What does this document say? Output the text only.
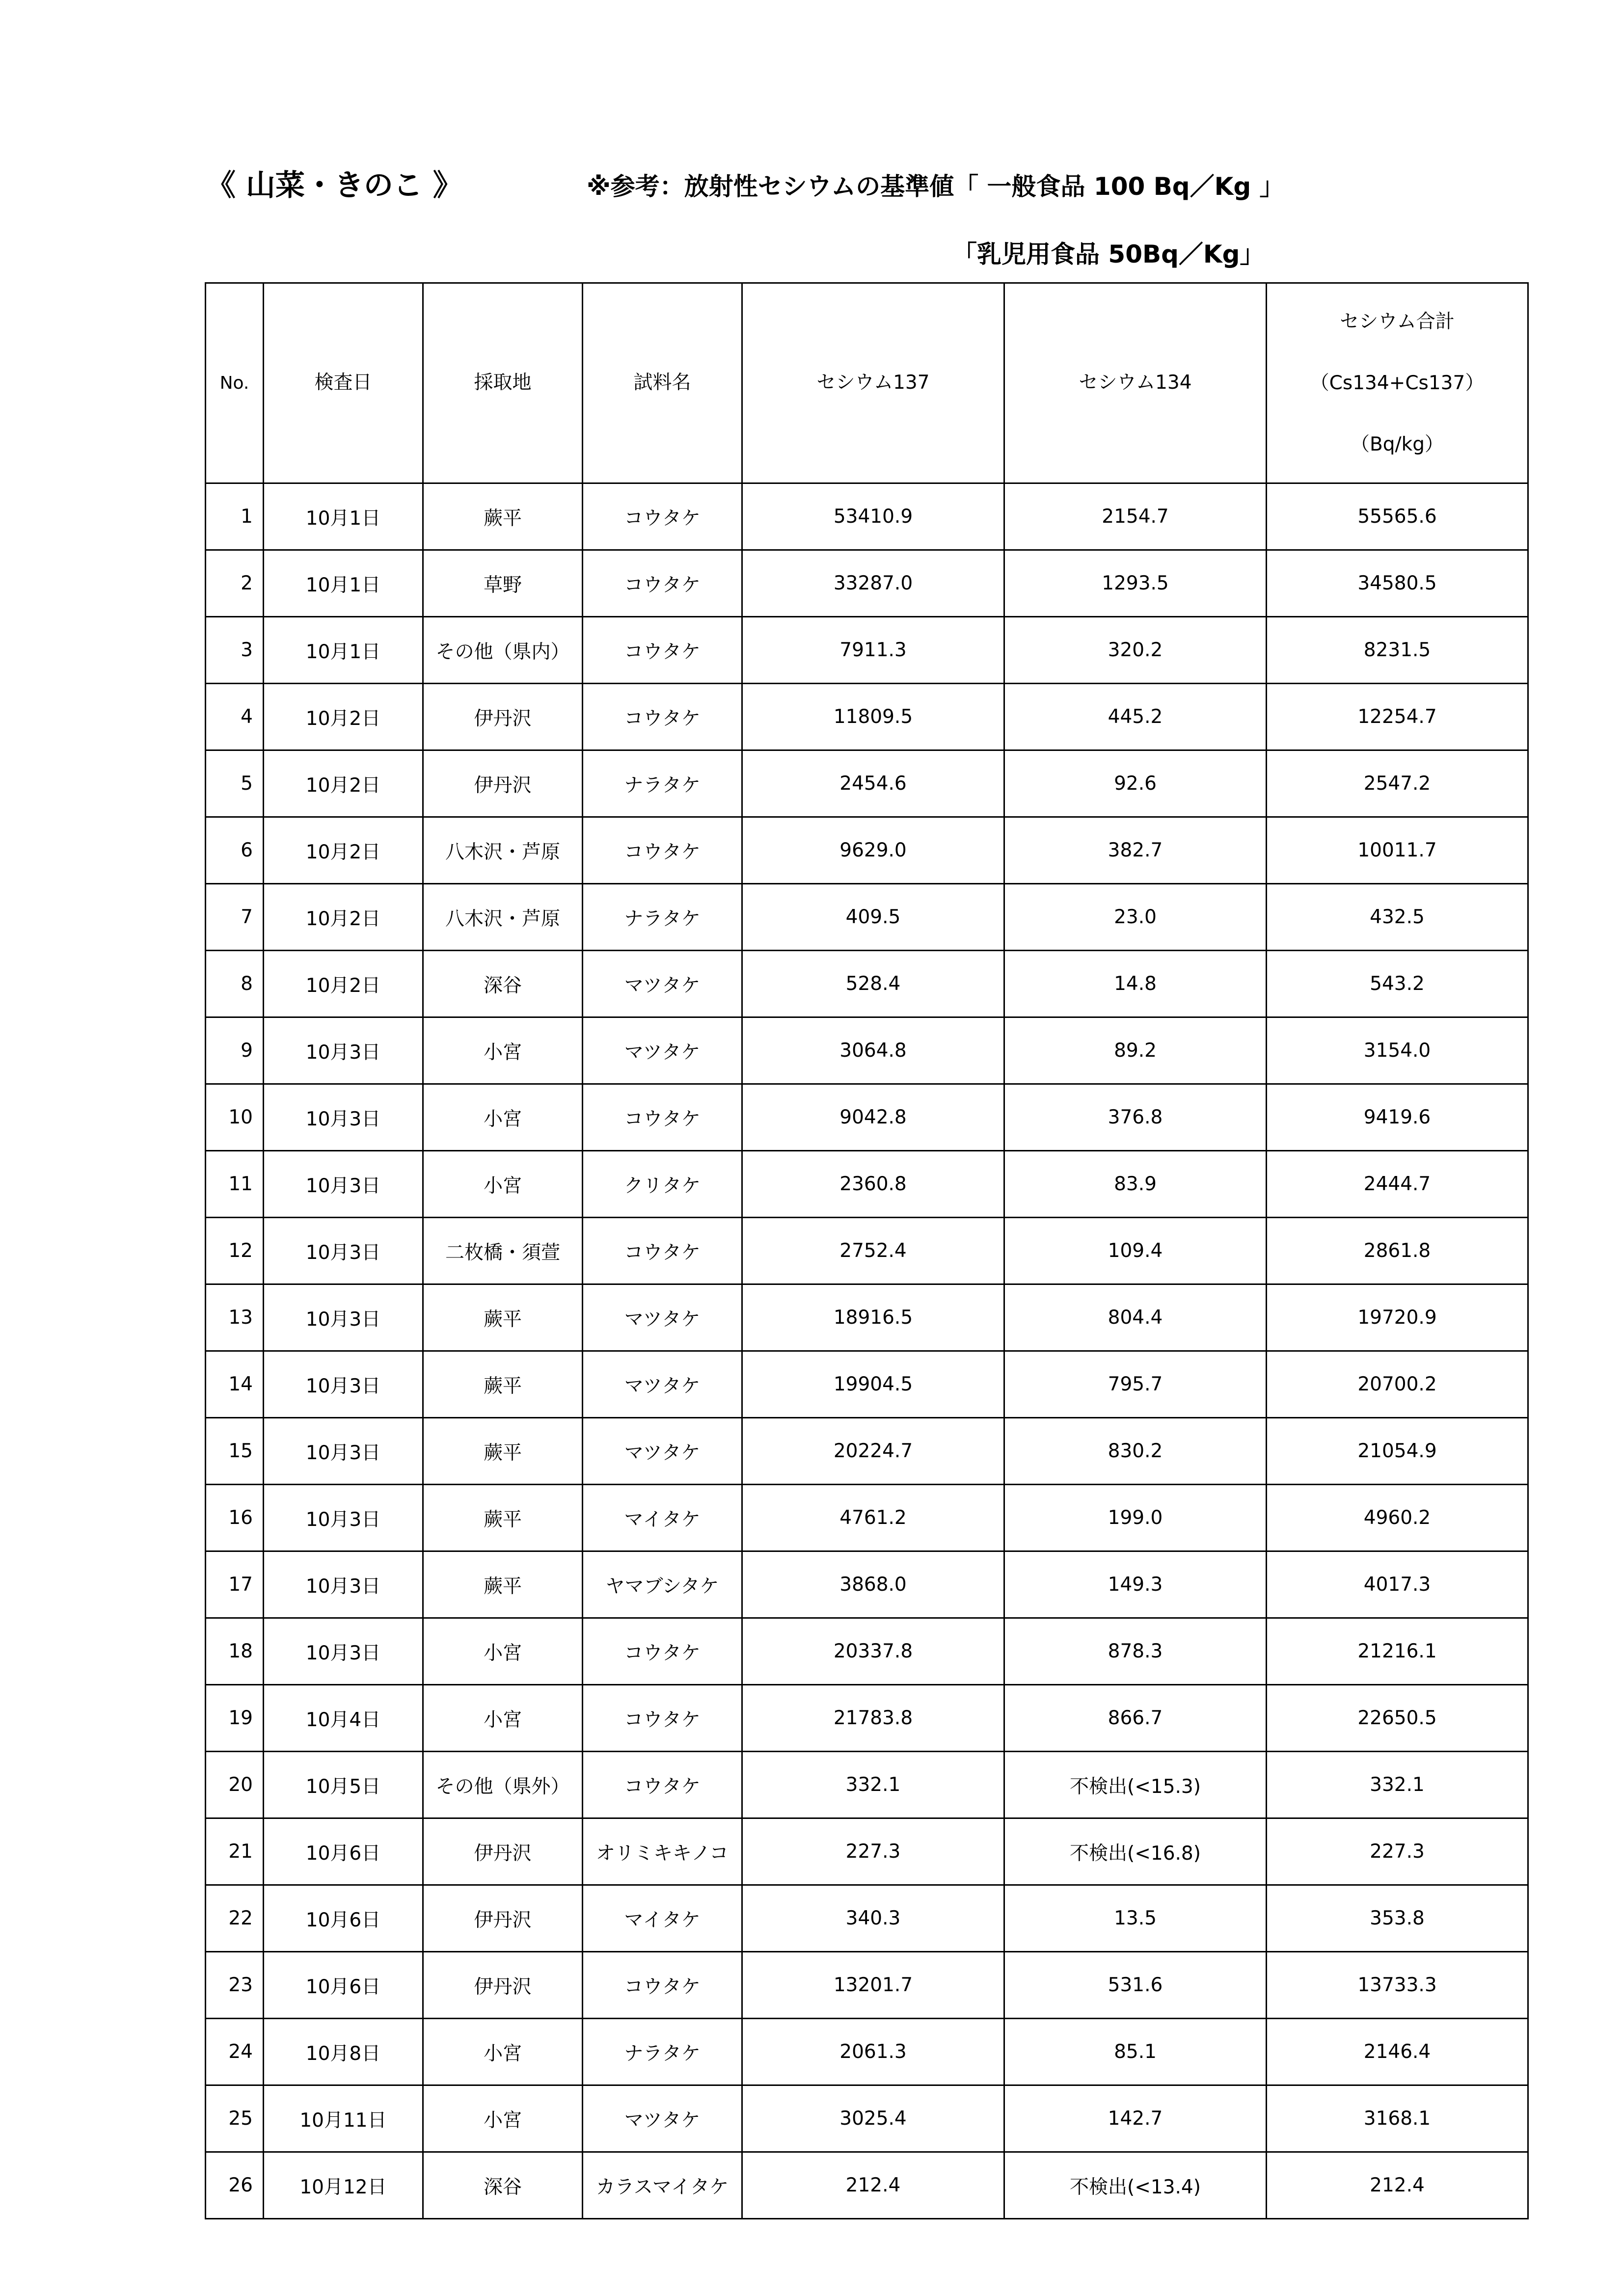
《 山菜・きのこ 》	※参考：放射性セシウムの基準値「 一般食品 100 Bq／Kg 」
「乳児用食品 50Bq／Kg」
No.	検査日	採取地	試料名	セシウム137	セシウム134	セシウム合計
（Cs134+Cs137）
（Bq/kg）

1	10月1日	蕨平	コウタケ	53410.9	2154.7	55565.6
2	10月1日	草野	コウタケ	33287.0	1293.5	34580.5
3	10月1日	その他（県内）	コウタケ	7911.3	320.2	8231.5
4	10月2日	伊丹沢	コウタケ	11809.5	445.2	12254.7
5	10月2日	伊丹沢	ナラタケ	2454.6	92.6	2547.2
6	10月2日	八木沢・芦原	コウタケ	9629.0	382.7	10011.7
7	10月2日	八木沢・芦原	ナラタケ	409.5	23.0	432.5
8	10月2日	深谷	マツタケ	528.4	14.8	543.2
9	10月3日	小宮	マツタケ	3064.8	89.2	3154.0
10	10月3日	小宮	コウタケ	9042.8	376.8	9419.6
11	10月3日	小宮	クリタケ	2360.8	83.9	2444.7
12	10月3日	二枚橋・須萱	コウタケ	2752.4	109.4	2861.8
13	10月3日	蕨平	マツタケ	18916.5	804.4	19720.9
14	10月3日	蕨平	マツタケ	19904.5	795.7	20700.2
15	10月3日	蕨平	マツタケ	20224.7	830.2	21054.9
16	10月3日	蕨平	マイタケ	4761.2	199.0	4960.2
17	10月3日	蕨平	ヤマブシタケ	3868.0	149.3	4017.3
18	10月3日	小宮	コウタケ	20337.8	878.3	21216.1
19	10月4日	小宮	コウタケ	21783.8	866.7	22650.5
20	10月5日	その他（県外）	コウタケ	332.1	不検出(<15.3)	332.1
21	10月6日	伊丹沢	オリミキキノコ	227.3	不検出(<16.8)	227.3
22	10月6日	伊丹沢	マイタケ	340.3	13.5	353.8
23	10月6日	伊丹沢	コウタケ	13201.7	531.6	13733.3
24	10月8日	小宮	ナラタケ	2061.3	85.1	2146.4
25	10月11日	小宮	マツタケ	3025.4	142.7	3168.1
26	10月12日	深谷	カラスマイタケ	212.4	不検出(<13.4)	212.4
